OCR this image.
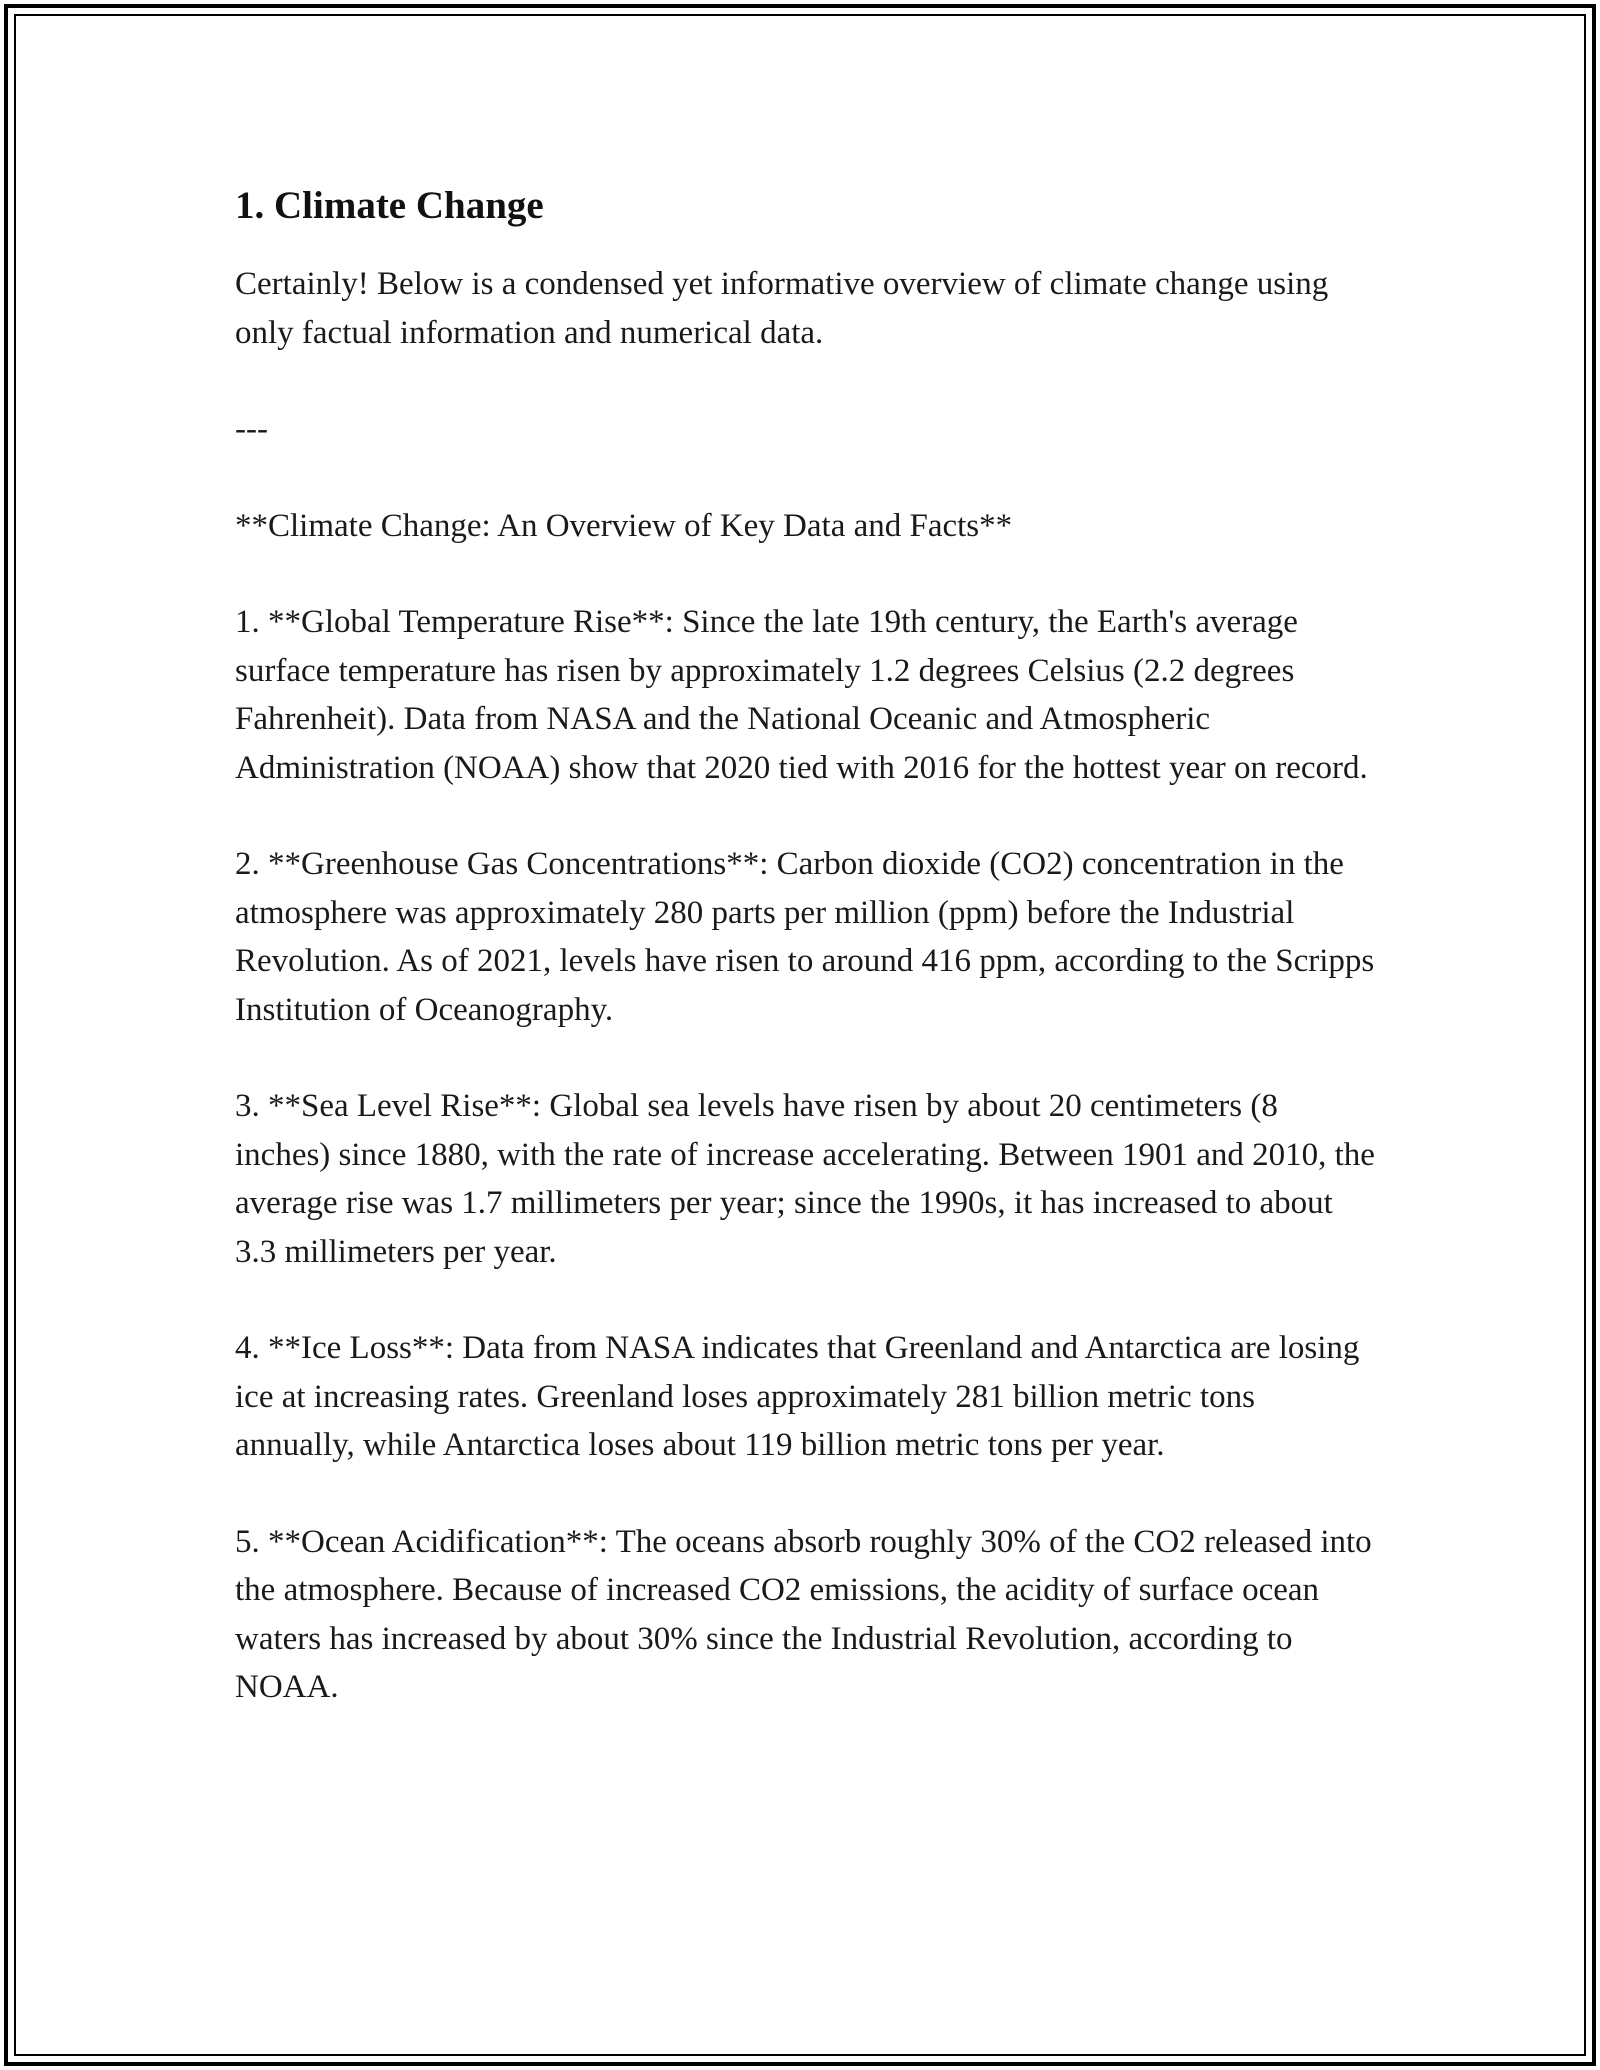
1. Climate Change

Certainly! Below is a condensed yet informative overview of climate change using only factual information and numerical data.

---

**Climate Change: An Overview of Key Data and Facts**

1. **Global Temperature Rise**: Since the late 19th century, the Earth's average surface temperature has risen by approximately 1.2 degrees Celsius (2.2 degrees Fahrenheit). Data from NASA and the National Oceanic and Atmospheric Administration (NOAA) show that 2020 tied with 2016 for the hottest year on record.

2. **Greenhouse Gas Concentrations**: Carbon dioxide (CO2) concentration in the atmosphere was approximately 280 parts per million (ppm) before the Industrial Revolution. As of 2021, levels have risen to around 416 ppm, according to the Scripps Institution of Oceanography.

3. **Sea Level Rise**: Global sea levels have risen by about 20 centimeters (8 inches) since 1880, with the rate of increase accelerating. Between 1901 and 2010, the average rise was 1.7 millimeters per year; since the 1990s, it has increased to about 3.3 millimeters per year.

4. **Ice Loss**: Data from NASA indicates that Greenland and Antarctica are losing ice at increasing rates. Greenland loses approximately 281 billion metric tons annually, while Antarctica loses about 119 billion metric tons per year.

5. **Ocean Acidification**: The oceans absorb roughly 30% of the CO2 released into the atmosphere. Because of increased CO2 emissions, the acidity of surface ocean waters has increased by about 30% since the Industrial Revolution, according to NOAA.
